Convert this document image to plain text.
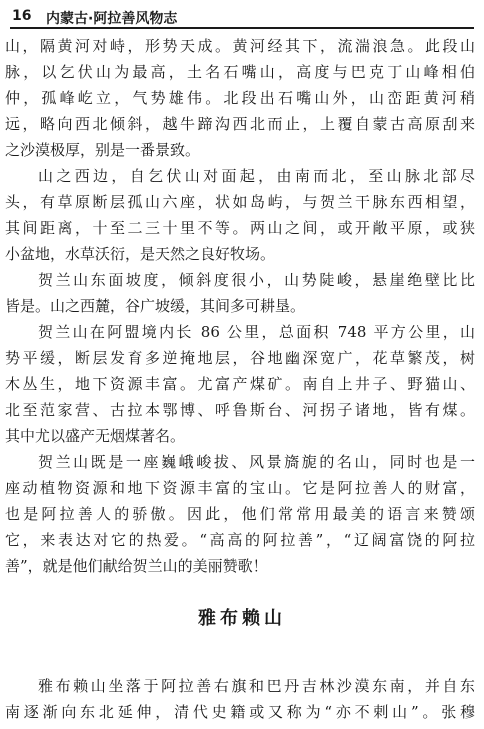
16 内蒙古·阿拉善风物志
山，隔黄河对峙，形势天成。黄河经其下，流湍浪急。此段山
脉，以乞伏山为最高，土名石嘴山，高度与巴克丁山峰相伯
仲，孤峰屹立，气势雄伟。北段出石嘴山外，山峦距黄河稍
远，略向西北倾斜，越牛蹄沟西北而止，上覆自蒙古高原刮来
之沙漠极厚，别是一番景致。
山之西边，自乞伏山对面起，由南而北，至山脉北部尽
头，有草原断层孤山六座，状如岛屿，与贺兰干脉东西相望，
其间距离，十至二三十里不等。两山之间，或开敞平原，或狭
小盆地，水草沃衍，是天然之良好牧场。
贺兰山东面坡度，倾斜度很小，山势陡峻，悬崖绝壁比比
皆是。山之西麓，谷广坡缓，其间多可耕垦。
贺兰山在阿盟境内长 86 公里，总面积 748 平方公里，山
势平缓，断层发育多逆掩地层，谷地幽深宽广，花草繁茂，树
木丛生，地下资源丰富。尤富产煤矿。南自上井子、野猫山、
北至范家营、古拉本鄂博、呼鲁斯台、河拐子诸地，皆有煤。
其中尤以盛产无烟煤著名。
贺兰山既是一座巍峨峻拔、风景旖旎的名山，同时也是一
座动植物资源和地下资源丰富的宝山。它是阿拉善人的财富，
也是阿拉善人的骄傲。因此，他们常常用最美的语言来赞颂
它，来表达对它的热爱。“高高的阿拉善”，“辽阔富饶的阿拉
善”，就是他们献给贺兰山的美丽赞歌！
雅布赖山
雅布赖山坐落于阿拉善右旗和巴丹吉林沙漠东南，并自东
南逐渐向东北延伸，清代史籍或又称为“亦不剌山”。张穆
